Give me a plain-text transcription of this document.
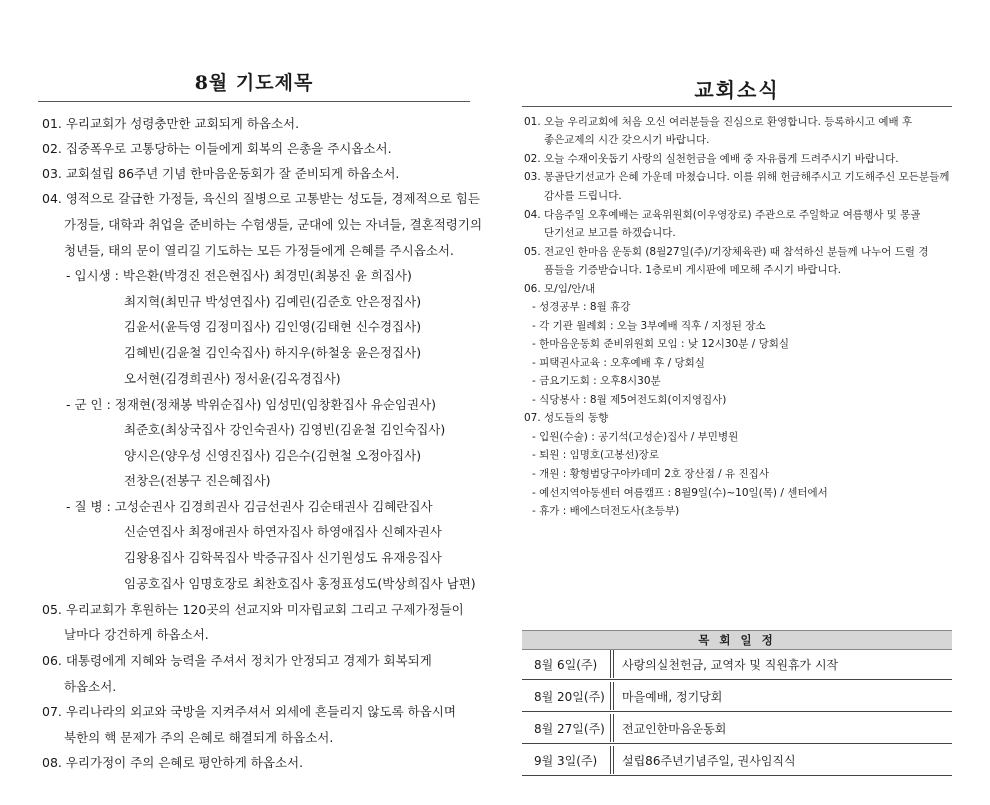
8월 기도제목
01. 우리교회가 성령충만한 교회되게 하옵소서.
02. 집중폭우로 고통당하는 이들에게 회복의 은총을 주시옵소서.
03. 교회설립 86주년 기념 한마음운동회가 잘 준비되게 하옵소서.
04. 영적으로 갈급한 가정들, 육신의 질병으로 고통받는 성도들, 경제적으로 힘든
가정들, 대학과 취업을 준비하는 수험생들, 군대에 있는 자녀들, 결혼적령기의
청년들, 태의 문이 열리길 기도하는 모든 가정들에게 은혜를 주시옵소서.
- 입시생 : 박은환(박경진 전은현집사) 최경민(최봉진 윤 희집사)
최지혁(최민규 박성연집사) 김예린(김준호 안은정집사)
김윤서(윤득영 김정미집사) 김인영(김태현 신수경집사)
김혜빈(김윤철 김인숙집사) 하지우(하철웅 윤은정집사)
오서현(김경희권사) 정서윤(김옥경집사)
- 군 인 : 정재현(정채봉 박위순집사) 임성민(임창환집사 유순임권사)
최준호(최상국집사 강인숙권사) 김영빈(김윤철 김인숙집사)
양시은(양우성 신영진집사) 김은수(김현철 오정아집사)
전창은(전봉구 진은혜집사)
- 질 병 : 고성순권사 김경희권사 김금선권사 김순태권사 김혜란집사
신순연집사 최정애권사 하연자집사 하영애집사 신혜자권사
김왕용집사 김학목집사 박증규집사 신기원성도 유재응집사
임공호집사 임명호장로 최찬호집사 홍정표성도(박상희집사 남편)
05. 우리교회가 후원하는 120곳의 선교지와 미자립교회 그리고 구제가정들이
날마다 강건하게 하옵소서.
06. 대통령에게 지혜와 능력을 주셔서 정치가 안정되고 경제가 회복되게
하옵소서.
07. 우리나라의 외교와 국방을 지켜주셔서 외세에 흔들리지 않도록 하옵시며
북한의 핵 문제가 주의 은혜로 해결되게 하옵소서.
08. 우리가정이 주의 은혜로 평안하게 하옵소서.
교회소식
01. 오늘 우리교회에 처음 오신 여러분들을 진심으로 환영합니다. 등록하시고 예배 후
좋은교제의 시간 갖으시기 바랍니다.
02. 오늘 수재이웃돕기 사랑의 실천헌금을 예배 중 자유롭게 드려주시기 바랍니다.
03. 몽골단기선교가 은혜 가운데 마쳤습니다. 이를 위해 헌금해주시고 기도해주신 모든분들께
감사를 드립니다.
04. 다음주일 오후예배는 교육위원회(이우영장로) 주관으로 주일학교 여름행사 및 몽골
단기선교 보고를 하겠습니다.
05. 전교인 한마음 운동회 (8월27일(주)/기장체육관) 때 참석하신 분들께 나누어 드릴 경
품들을 기증받습니다. 1층로비 게시판에 메모해 주시기 바랍니다.
06. 모/임/안/내
- 성경공부 : 8월 휴강
- 각 기관 월례회 : 오늘 3부예배 직후 / 지정된 장소
- 한마음운동회 준비위원회 모임 : 낮 12시30분 / 당회실
- 피택권사교육 : 오후예배 후 / 당회실
- 금요기도회 : 오후8시30분
- 식당봉사 : 8월 제5여전도회(이지영집사)
07. 성도들의 동향
- 입원(수술) : 공기석(고성순)집사 / 부민병원
- 퇴원 : 임명호(고봉선)장로
- 개원 : 황형범당구아카데미 2호 장산점 / 유 진집사
- 예선지역아동센터 여름캠프 : 8월9일(수)~10일(목) / 센터에서
- 휴가 : 배에스더전도사(초등부)
목 회 일 정
8월 6일(주) 사랑의실천헌금, 교역자 및 직원휴가 시작
8월 20일(주) 마을예배, 정기당회
8월 27일(주) 전교인한마음운동회
9월 3일(주) 설립86주년기념주일, 권사임직식
